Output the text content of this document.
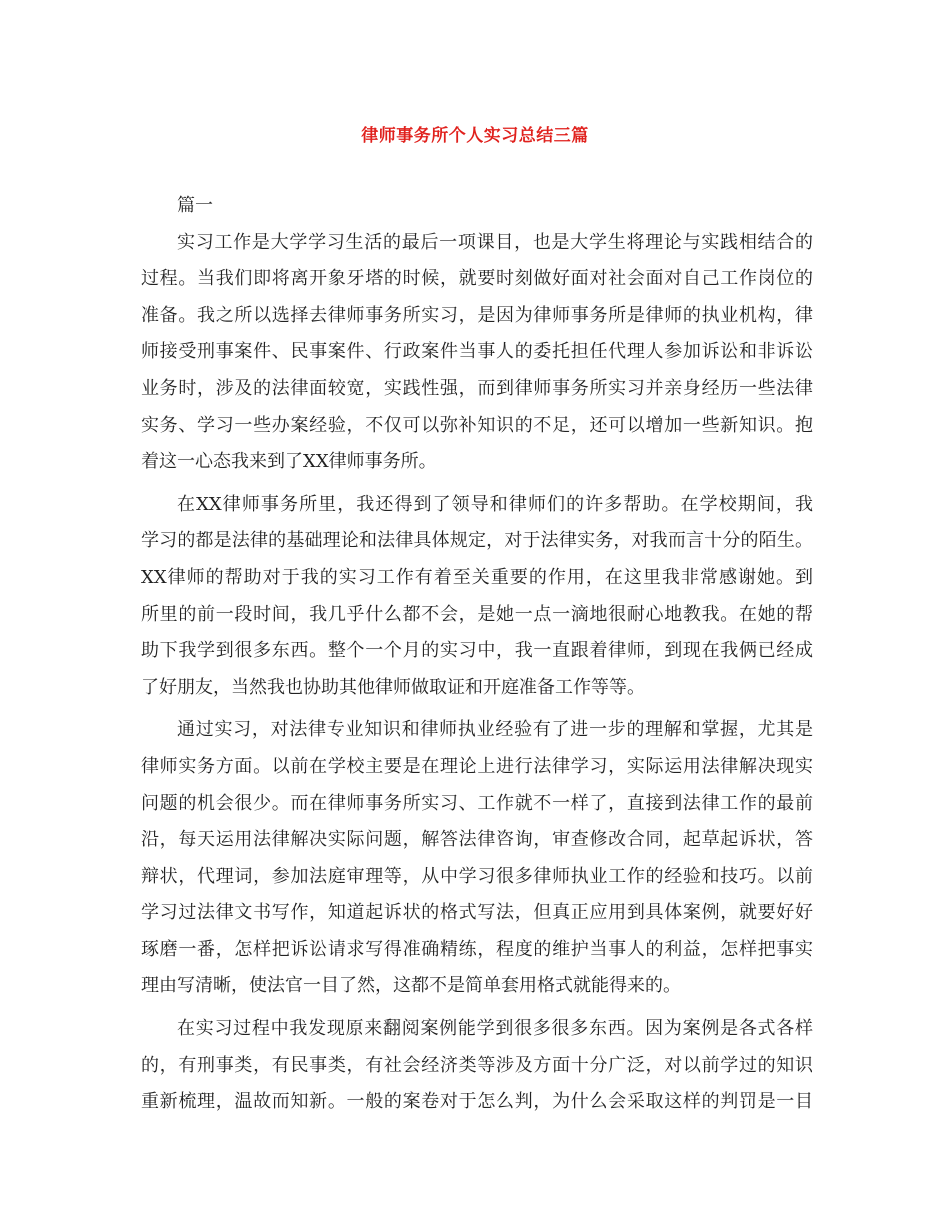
律师事务所个人实习总结三篇
篇一
实习工作是大学学习生活的最后一项课目，也是大学生将理论与实践相结合的
过程。当我们即将离开象牙塔的时候，就要时刻做好面对社会面对自己工作岗位的
准备。我之所以选择去律师事务所实习，是因为律师事务所是律师的执业机构，律
师接受刑事案件、民事案件、行政案件当事人的委托担任代理人参加诉讼和非诉讼
业务时，涉及的法律面较宽，实践性强，而到律师事务所实习并亲身经历一些法律
实务、学习一些办案经验，不仅可以弥补知识的不足，还可以增加一些新知识。抱
着这一心态我来到了XX律师事务所。
在XX律师事务所里，我还得到了领导和律师们的许多帮助。在学校期间，我
学习的都是法律的基础理论和法律具体规定，对于法律实务，对我而言十分的陌生。
XX律师的帮助对于我的实习工作有着至关重要的作用，在这里我非常感谢她。到
所里的前一段时间，我几乎什么都不会，是她一点一滴地很耐心地教我。在她的帮
助下我学到很多东西。整个一个月的实习中，我一直跟着律师，到现在我俩已经成
了好朋友，当然我也协助其他律师做取证和开庭准备工作等等。
通过实习，对法律专业知识和律师执业经验有了进一步的理解和掌握，尤其是
律师实务方面。以前在学校主要是在理论上进行法律学习，实际运用法律解决现实
问题的机会很少。而在律师事务所实习、工作就不一样了，直接到法律工作的最前
沿，每天运用法律解决实际问题，解答法律咨询，审查修改合同，起草起诉状，答
辩状，代理词，参加法庭审理等，从中学习很多律师执业工作的经验和技巧。以前
学习过法律文书写作，知道起诉状的格式写法，但真正应用到具体案例，就要好好
琢磨一番，怎样把诉讼请求写得准确精练，程度的维护当事人的利益，怎样把事实
理由写清晰，使法官一目了然，这都不是简单套用格式就能得来的。
在实习过程中我发现原来翻阅案例能学到很多很多东西。因为案例是各式各样
的，有刑事类，有民事类，有社会经济类等涉及方面十分广泛，对以前学过的知识
重新梳理，温故而知新。一般的案卷对于怎么判，为什么会采取这样的判罚是一目
